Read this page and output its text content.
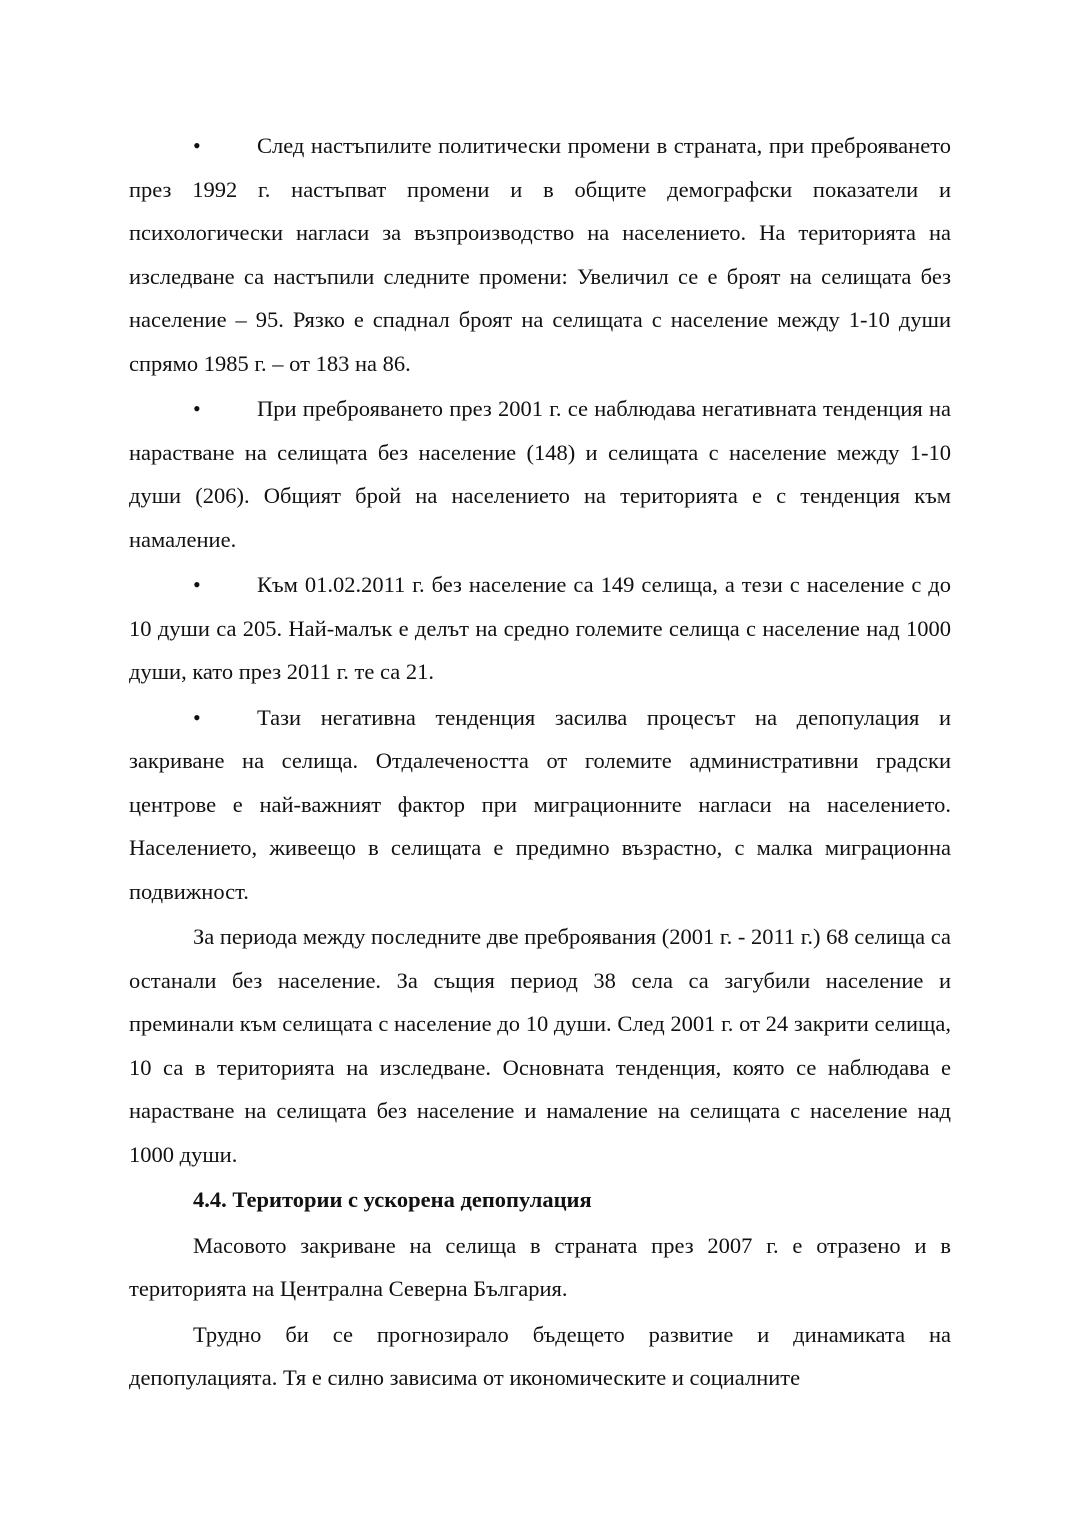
•	След настъпилите политически промени в страната, при преброяването през 1992 г. настъпват промени и в общите демографски показатели и психологически нагласи за възпроизводство на населението. На територията на изследване са настъпили следните промени: Увеличил се е броят на селищата без население – 95. Рязко е спаднал броят на селищата с население между 1-10 души спрямо 1985 г. – от 183 на 86.

•	При преброяването през 2001 г. се наблюдава негативната тенденция на нарастване на селищата без население (148) и селищата с население между 1-10 души (206). Общият брой на населението на територията е с тенденция към намаление.

•	Към 01.02.2011 г. без население са 149 селища, а тези с население с до 10 души са 205. Най-малък е делът на средно големите селища с население над 1000 души, като през 2011 г. те са 21.

•	Тази негативна тенденция засилва процесът на депопулация и закриване на селища. Отдалечеността от големите административни градски центрове е най-важният фактор при миграционните нагласи на населението. Населението, живеещо в селищата е предимно възрастно, с малка миграционна подвижност.

За периода между последните две преброявания (2001 г. - 2011 г.) 68 селища са останали без население. За същия период 38 села са загубили население и преминали към селищата с население до 10 души. След 2001 г. от 24 закрити селища, 10 са в територията на изследване. Основната тенденция, която се наблюдава е нарастване на селищата без население и намаление на селищата с население над 1000 души.

4.4. Територии с ускорена депопулация

Масовото закриване на селища в страната през 2007 г. е отразено и в територията на Централна Северна България.

Трудно би се прогнозирало бъдещето развитие и динамиката на депопулацията. Тя е силно зависима от икономическите и социалните
